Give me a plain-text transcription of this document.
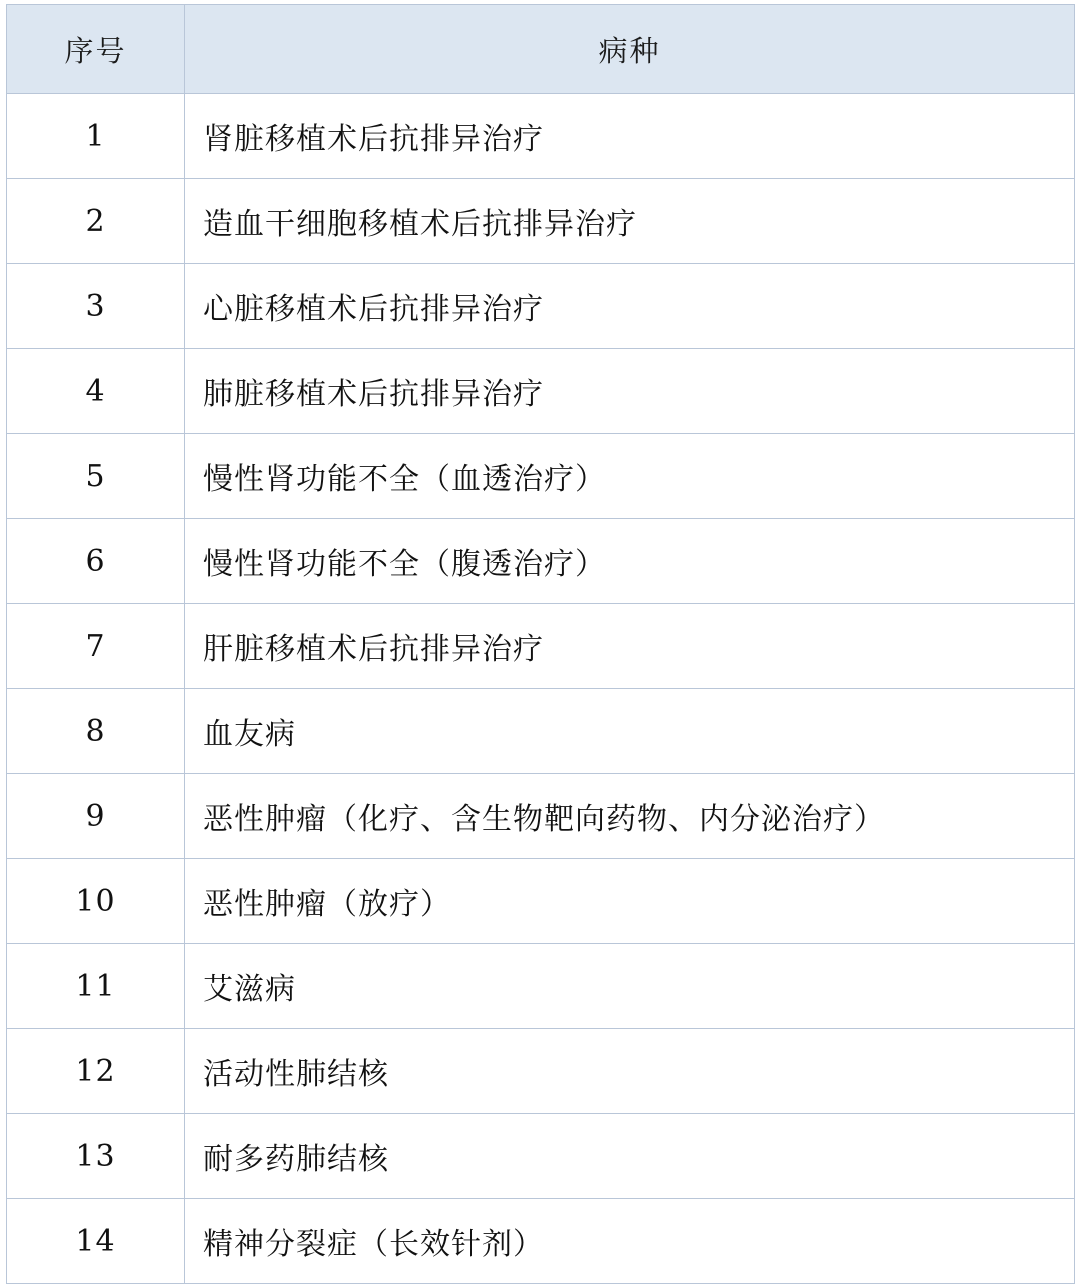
序号	病种
1	肾脏移植术后抗排异治疗
2	造血干细胞移植术后抗排异治疗
3	心脏移植术后抗排异治疗
4	肺脏移植术后抗排异治疗
5	慢性肾功能不全（血透治疗）
6	慢性肾功能不全（腹透治疗）
7	肝脏移植术后抗排异治疗
8	血友病
9	恶性肿瘤（化疗、含生物靶向药物、内分泌治疗）
10	恶性肿瘤（放疗）
11	艾滋病
12	活动性肺结核
13	耐多药肺结核
14	精神分裂症（长效针剂）
